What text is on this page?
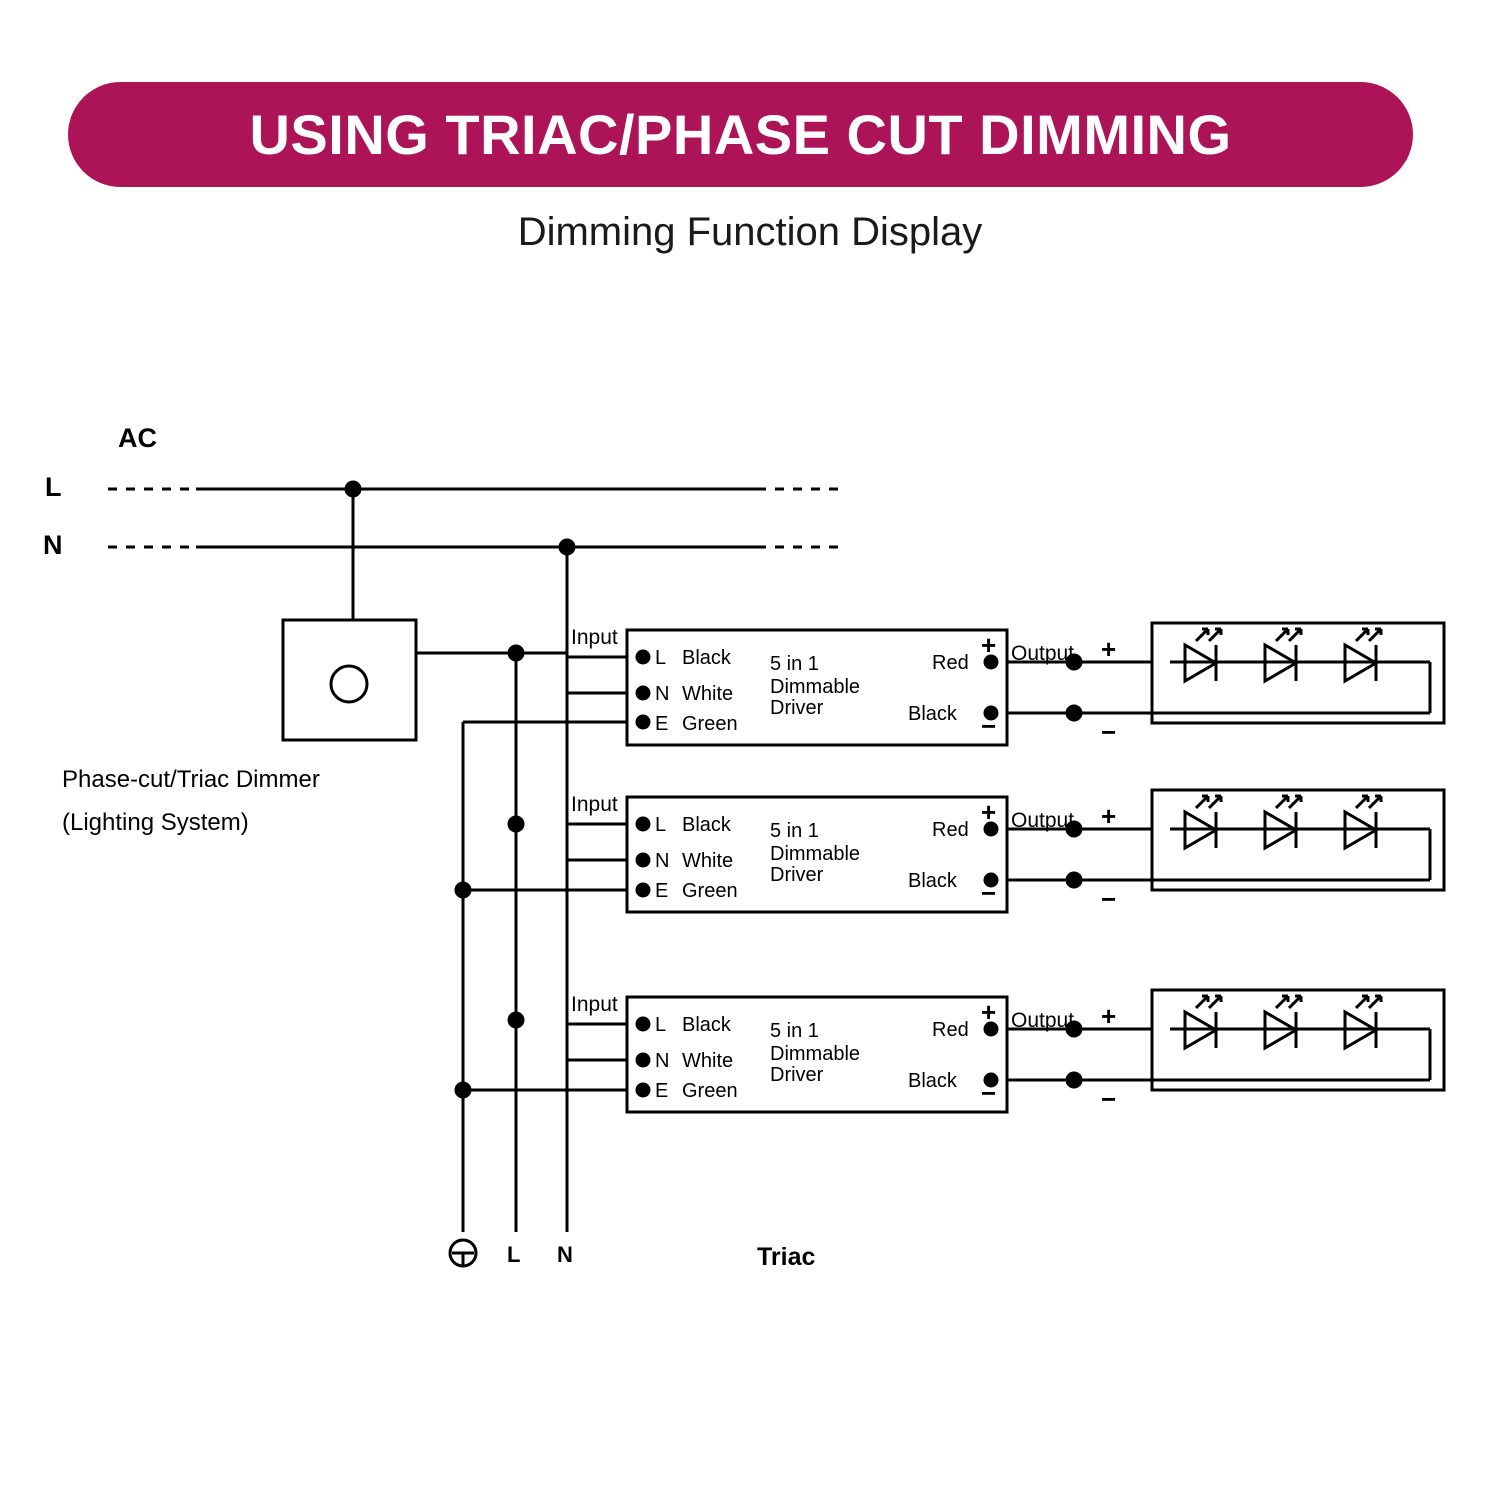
USING TRIAC/PHASE CUT DIMMING
Dimming Function Display
AC
L
N
Phase-cut/Triac Dimmer
(Lighting System)
L N	Triac
Input
L Black
N White
E Green
5 in 1
Dimmable
Driver
Red
Black
+
−
Output +
−
Input
L Black
N White
E Green
5 in 1
Dimmable
Driver
Red
Black
+
−
Output +
−
Input
L Black
N White
E Green
5 in 1
Dimmable
Driver
Red
Black
+
−
Output +
−
